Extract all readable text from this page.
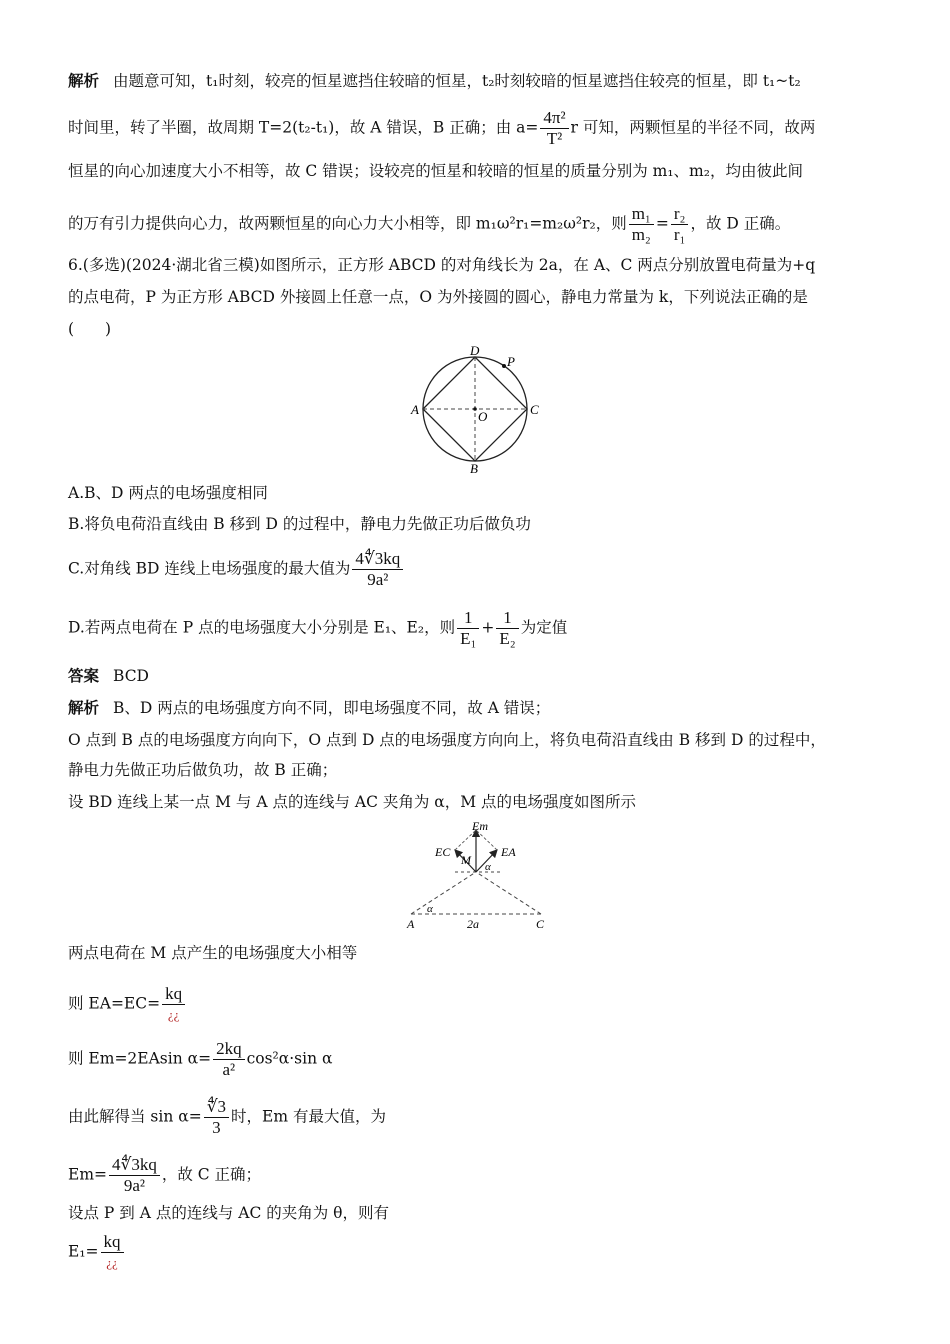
解析 由题意可知，t₁时刻，较亮的恒星遮挡住较暗的恒星，t₂时刻较暗的恒星遮挡住较亮的恒星，即 t₁~t₂
时间里，转了半圈，故周期 T=2(t₂-t₁)，故 A 错误，B 正确；由 $a= \frac{\text{4π²}}{\text{T²}}$ r 可知，两颗恒星的半径不同，故两
恒星的向心加速度大小不相等，故 C 错误；设较亮的恒星和较暗的恒星的质量分别为 m₁、m₂，均由彼此间
的万有引力提供向心力，故两颗恒星的向心力大小相等，即 m₁ω²r₁=m₂ω²r₂，则 $\frac{\text{m₁}}{\text{m₂}} = \frac{\text{r₂}}{\text{r₁}}$ ，故 D 正确。
6.(多选)(2024·湖北省三模)如图所示，正方形 ABCD 的对角线长为 2a，在 A、C 两点分别放置电荷量为+q
的点电荷，P 为正方形 ABCD 外接圆上任意一点，O 为外接圆的圆心，静电力常量为 k，下列说法正确的是
(　　)
A
D
C
B
O
P
A.B、D 两点的电场强度相同
B.将负电荷沿直线由 B 移到 D 的过程中，静电力先做正功后做负功
C.对角线 BD 连线上电场强度的最大值为 $\frac{4∜3kq}{\text{9a²}}$
D.若两点电荷在 P 点的电场强度大小分别是 E₁、E₂，则 $\frac{1}{\text{E₁}} + \frac{1}{\text{E₂}}$ 为定值
答案 BCD
解析 B、D 两点的电场强度方向不同，即电场强度不同，故 A 错误；
O 点到 B 点的电场强度方向向下，O 点到 D 点的电场强度方向向上，将负电荷沿直线由 B 移到 D 的过程中，
静电力先做正功后做负功，故 B 正确；
设 BD 连线上某一点 M 与 A 点的连线与 AC 夹角为 α，M 点的电场强度如图所示
Em
EC	EA
M α
α
A	2a	C
两点电荷在 M 点产生的电场强度大小相等
则 $EA=EC= \frac{kq}{¿¿}$
则 Em=2EAsin $\alpha= \frac{2kq}{\text{a²}} \cos^2\alpha\cdot\sin$ α
由此解得当 $\sin \alpha= \frac{∜3}{3}$ 时，Em 有最大值，为
$Em= \frac{4∜3kq}{\text{9a²}}$ ，故 C 正确；
设点 P 到 A 点的连线与 AC 的夹角为 θ，则有
$E_1= \frac{kq}{¿¿}$
